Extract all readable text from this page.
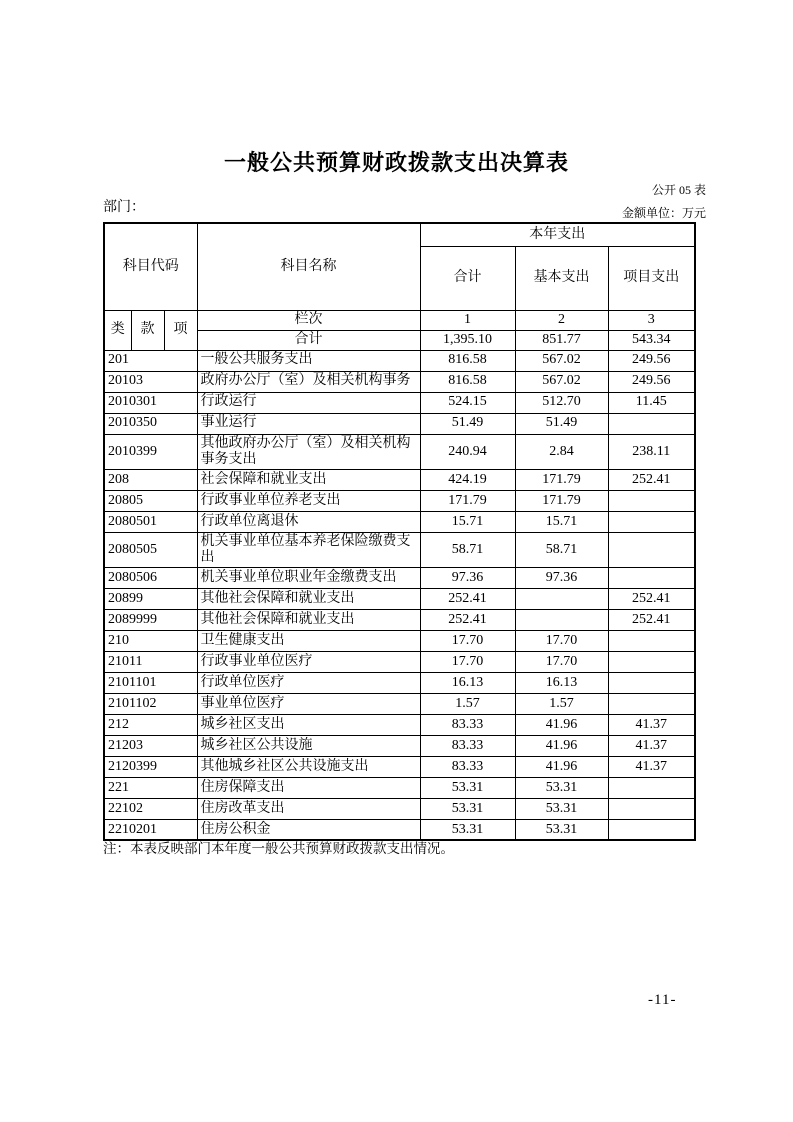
一般公共预算财政拨款支出决算表
公开 05 表
部门：	金额单位：万元
科目代码			科目名称	本年支出		
				合计	基本支出	项目支出
类	款	项	栏次	1	2	3
			合计	1,395.10	851.77	543.34
201			一般公共服务支出	816.58	567.02	249.56
20103			政府办公厅（室）及相关机构事务	816.58	567.02	249.56
2010301			行政运行	524.15	512.70	11.45
2010350			事业运行	51.49	51.49	
2010399			其他政府办公厅（室）及相关机构事务支出	240.94	2.84	238.11
208			社会保障和就业支出	424.19	171.79	252.41
20805			行政事业单位养老支出	171.79	171.79	
2080501			行政单位离退休	15.71	15.71	
2080505			机关事业单位基本养老保险缴费支出	58.71	58.71	
2080506			机关事业单位职业年金缴费支出	97.36	97.36	
20899			其他社会保障和就业支出	252.41		252.41
2089999			其他社会保障和就业支出	252.41		252.41
210			卫生健康支出	17.70	17.70	
21011			行政事业单位医疗	17.70	17.70	
2101101			行政单位医疗	16.13	16.13	
2101102			事业单位医疗	1.57	1.57	
212			城乡社区支出	83.33	41.96	41.37
21203			城乡社区公共设施	83.33	41.96	41.37
2120399			其他城乡社区公共设施支出	83.33	41.96	41.37
221			住房保障支出	53.31	53.31	
22102			住房改革支出	53.31	53.31	
2210201			住房公积金	53.31	53.31	
注：本表反映部门本年度一般公共预算财政拨款支出情况。
-11-
